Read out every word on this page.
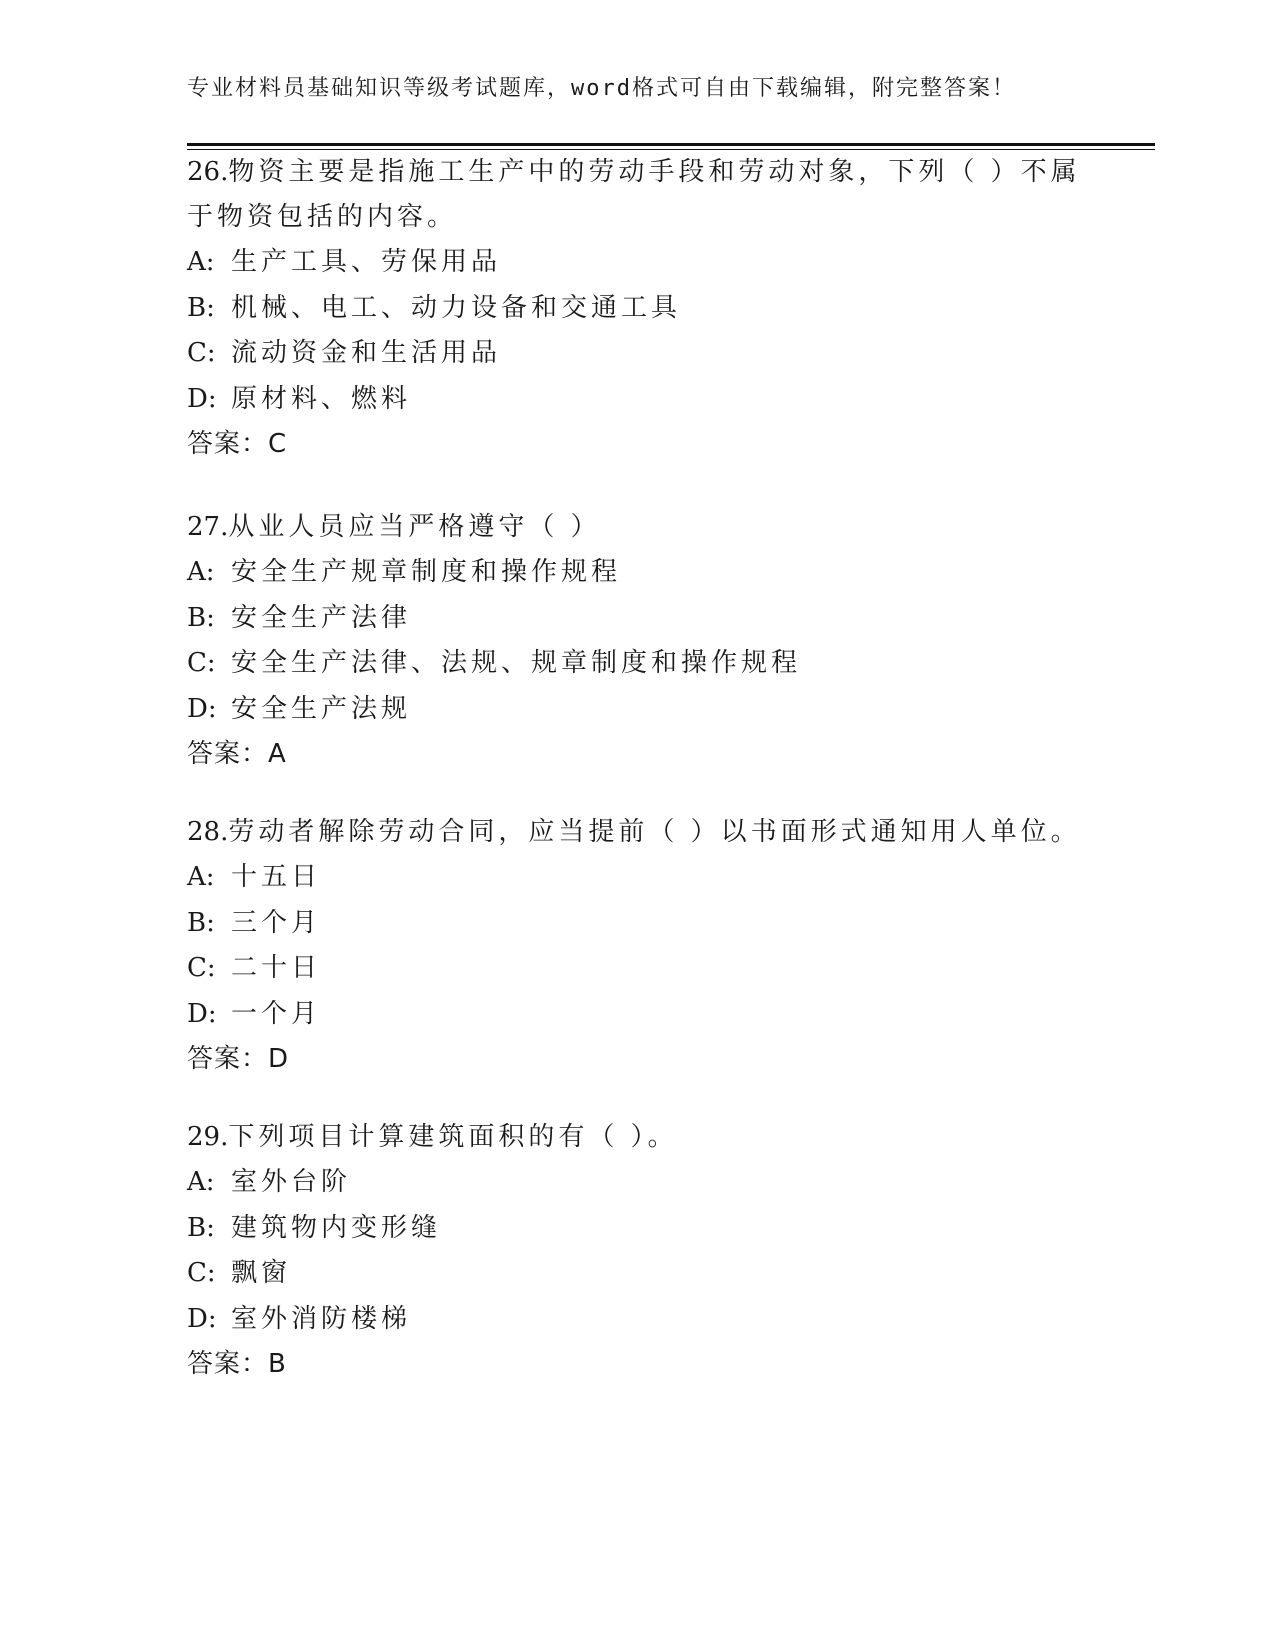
专业材料员基础知识等级考试题库，word格式可自由下载编辑，附完整答案！
26.物资主要是指施工生产中的劳动手段和劳动对象，下列（ ）不属
于物资包括的内容。
A: 生产工具、劳保用品
B: 机械、电工、动力设备和交通工具
C: 流动资金和生活用品
D: 原材料、燃料
答案：C
27.从业人员应当严格遵守（ ）
A: 安全生产规章制度和操作规程
B: 安全生产法律
C: 安全生产法律、法规、规章制度和操作规程
D: 安全生产法规
答案：A
28.劳动者解除劳动合同，应当提前（ ）以书面形式通知用人单位。
A: 十五日
B: 三个月
C: 二十日
D: 一个月
答案：D
29.下列项目计算建筑面积的有（ ）。
A: 室外台阶
B: 建筑物内变形缝
C: 飘窗
D: 室外消防楼梯
答案：B
